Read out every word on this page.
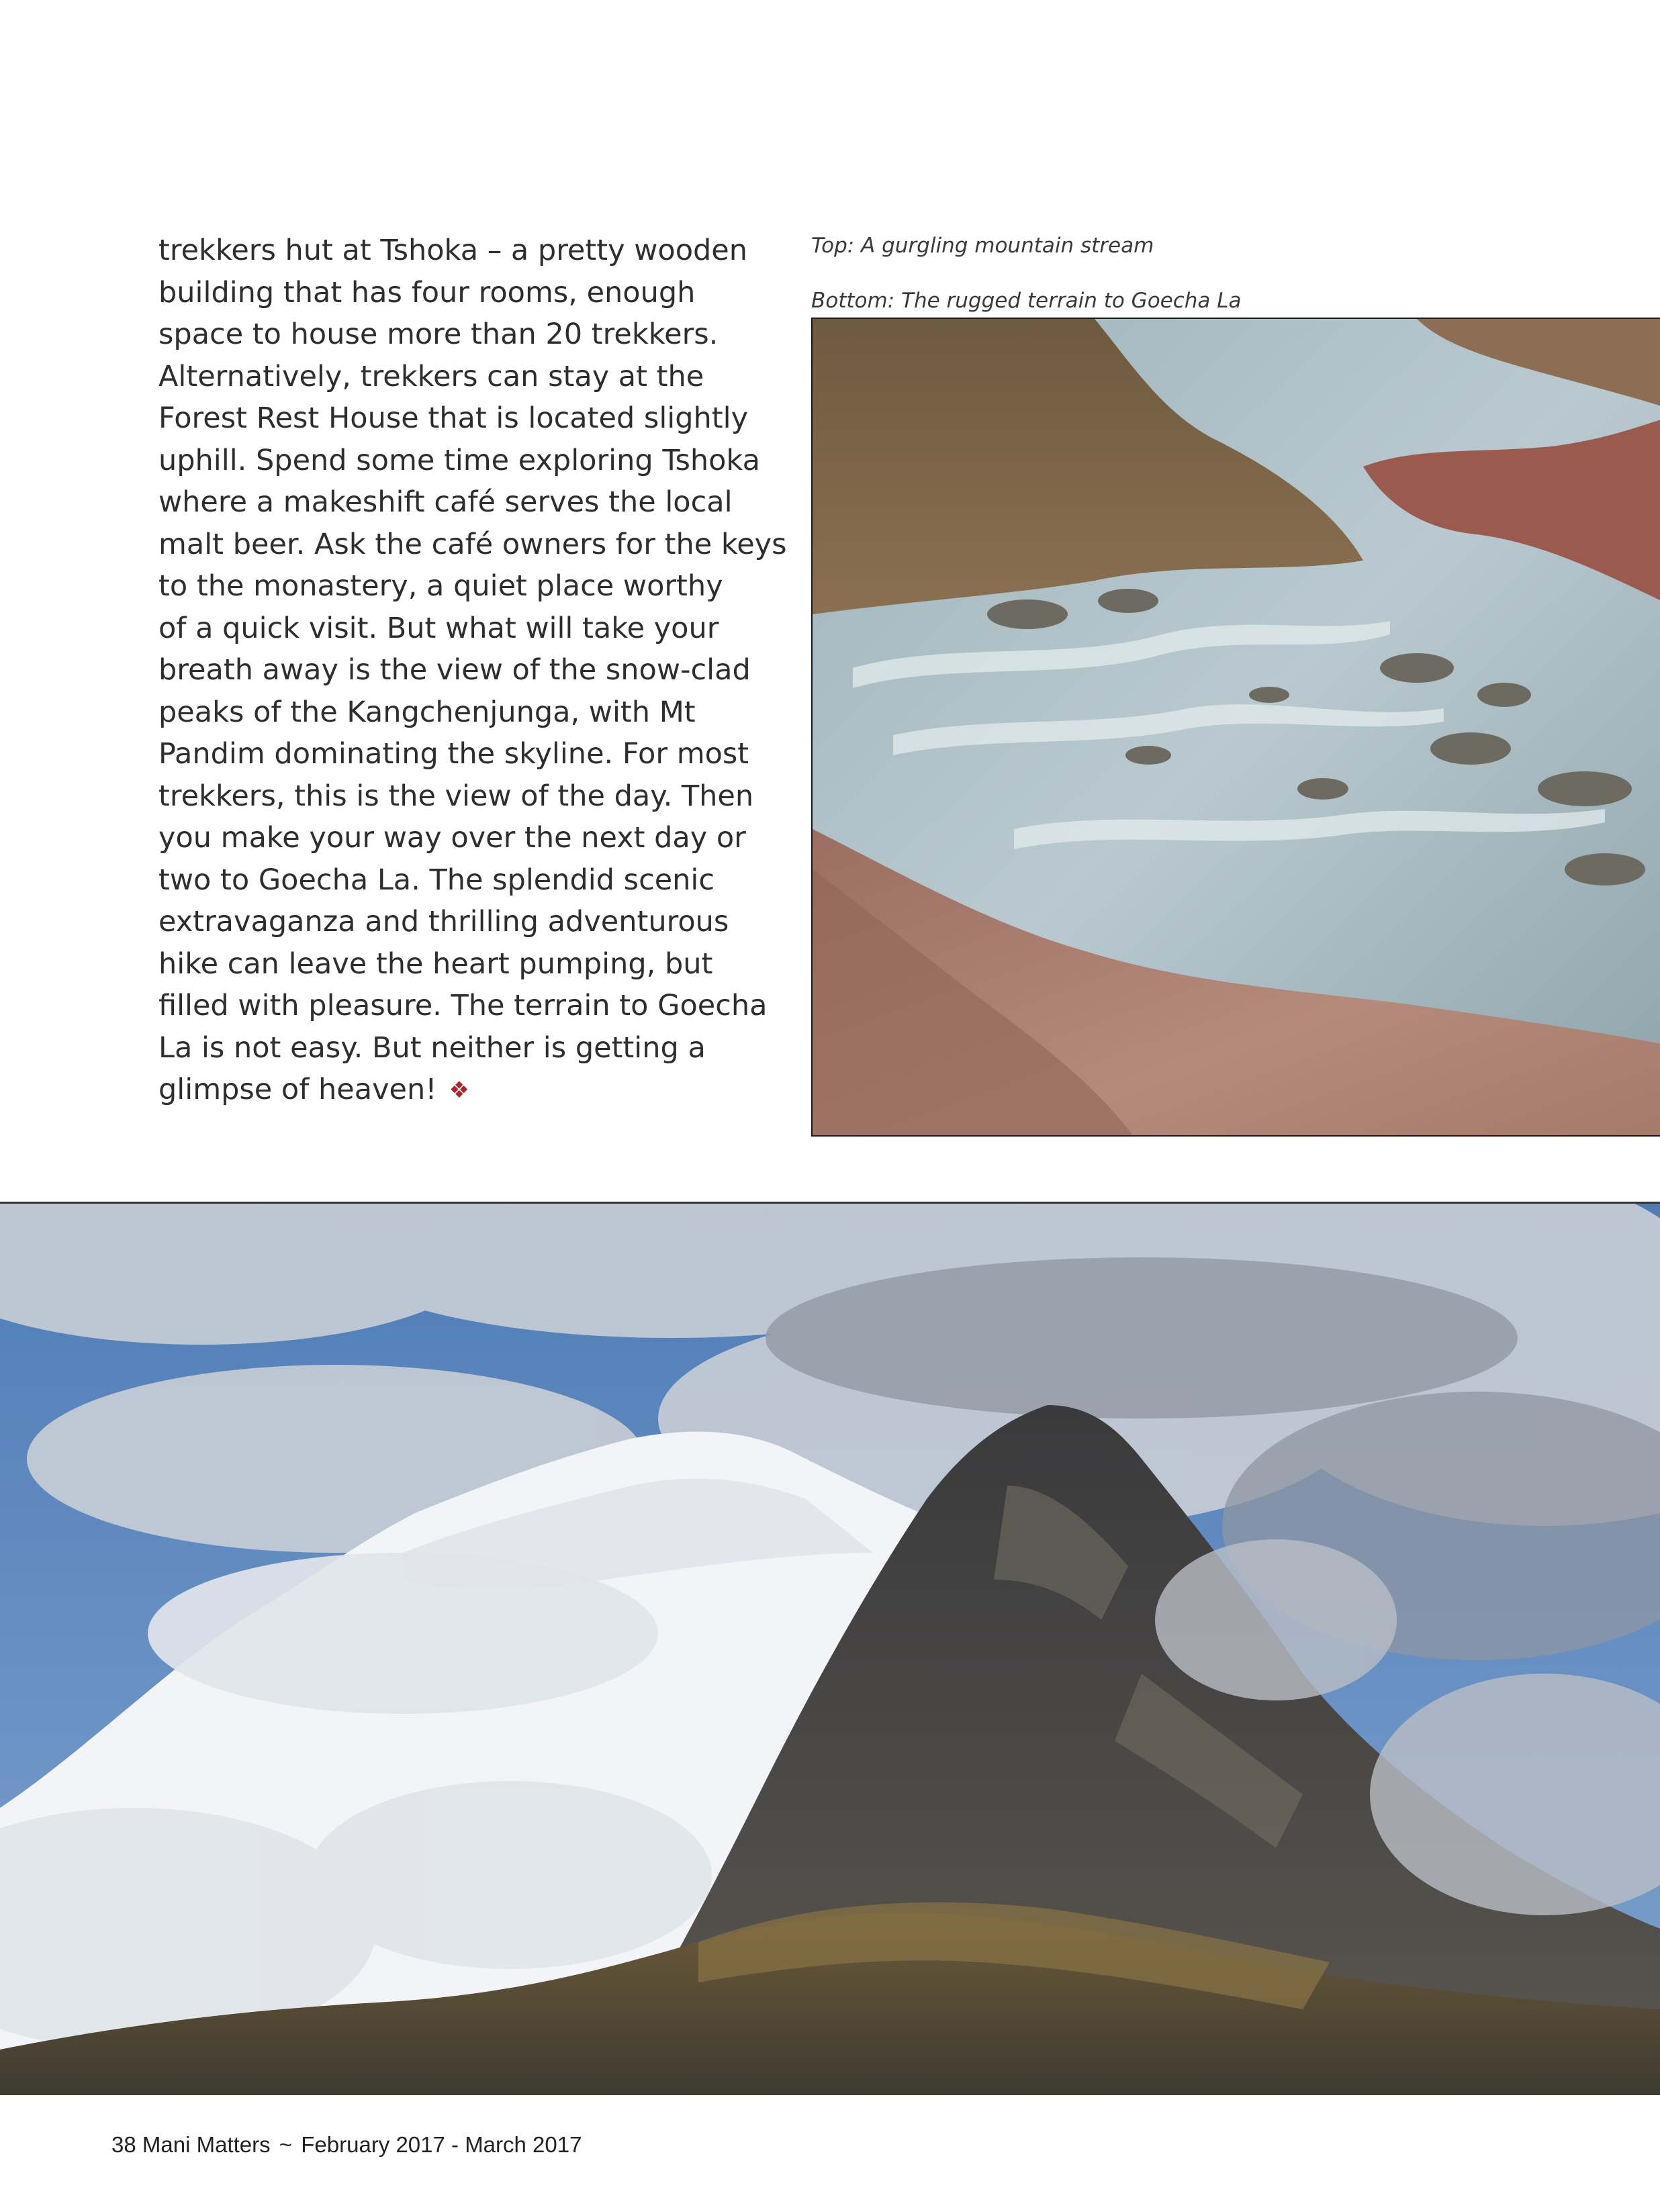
trekkers hut at Tshoka – a pretty wooden
building that has four rooms, enough
space to house more than 20 trekkers.
Alternatively, trekkers can stay at the
Forest Rest House that is located slightly
uphill. Spend some time exploring Tshoka
where a makeshift café serves the local
malt beer. Ask the café owners for the keys
to the monastery, a quiet place worthy
of a quick visit. But what will take your
breath away is the view of the snow-clad
peaks of the Kangchenjunga, with Mt
Pandim dominating the skyline. For most
trekkers, this is the view of the day. Then
you make your way over the next day or
two to Goecha La. The splendid scenic
extravaganza and thrilling adventurous
hike can leave the heart pumping, but
filled with pleasure. The terrain to Goecha
La is not easy. But neither is getting a
glimpse of heaven! ❖

Top: A gurgling mountain stream

Bottom: The rugged terrain to Goecha La

38 Mani Matters ~ February 2017 - March 2017
